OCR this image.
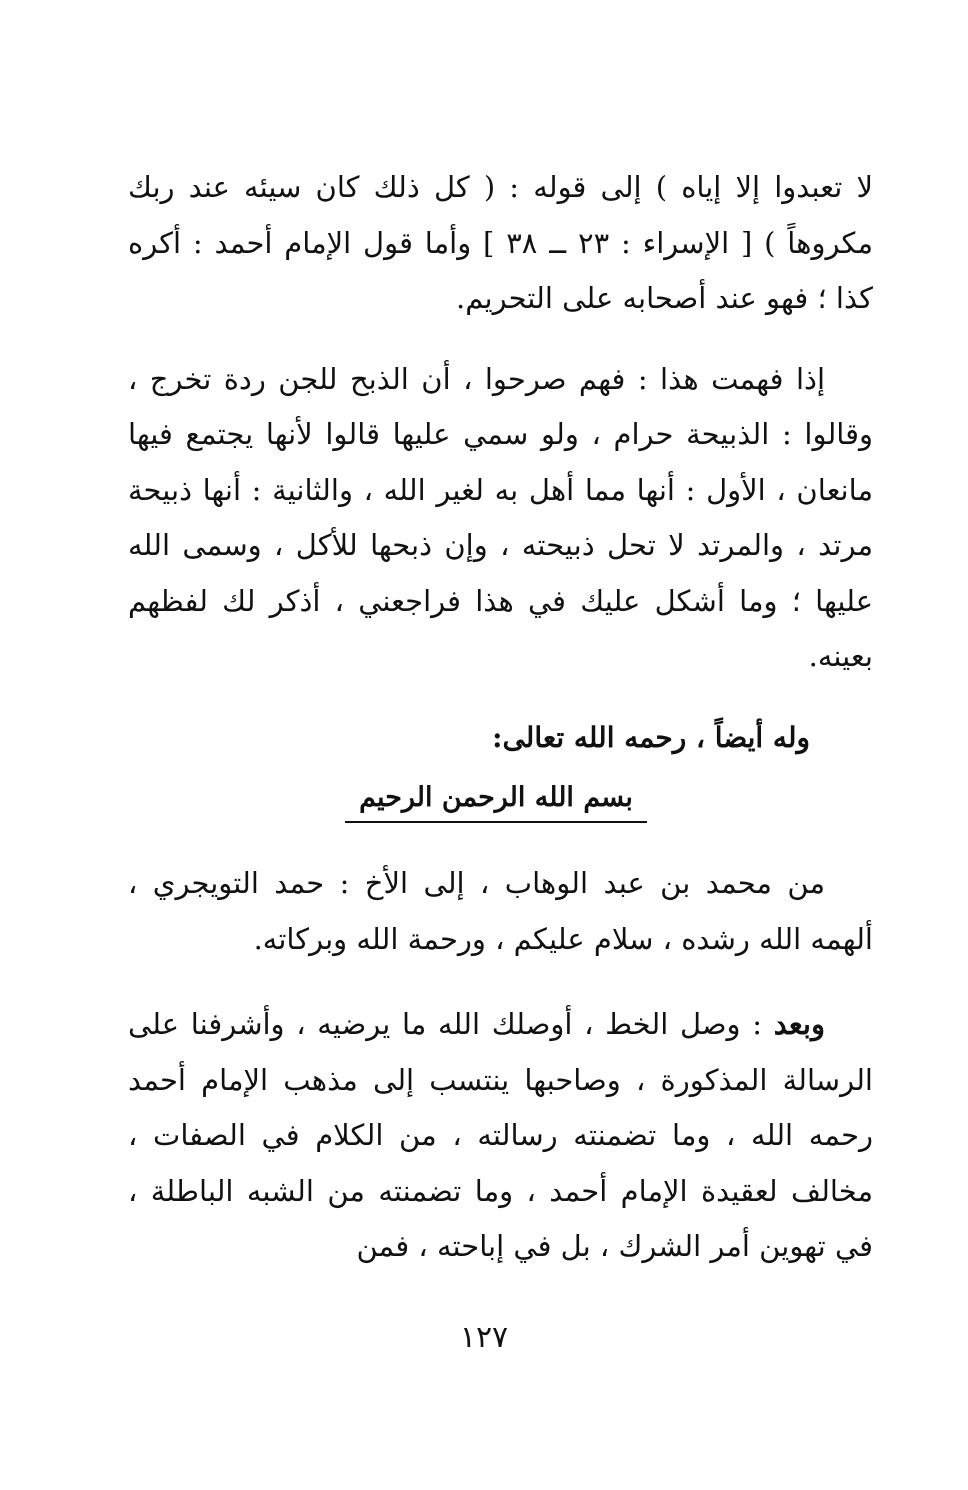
لا تعبدوا إلا إياه ) إلى قوله : ( كل ذلك كان سيئه عند ربك مكروهاً ) [ الإسراء : ٢٣ ــ ٣٨ ] وأما قول الإمام أحمد : أكره كذا ؛ فهو عند أصحابه على التحريم.

إذا فهمت هذا : فهم صرحوا ، أن الذبح للجن ردة تخرج ، وقالوا : الذبيحة حرام ، ولو سمي عليها قالوا لأنها يجتمع فيها مانعان ، الأول : أنها مما أهل به لغير الله ، والثانية : أنها ذبيحة مرتد ، والمرتد لا تحل ذبيحته ، وإن ذبحها للأكل ، وسمى الله عليها ؛ وما أشكل عليك في هذا فراجعني ، أذكر لك لفظهم بعينه.

وله أيضاً ، رحمه الله تعالى:
بسم الله الرحمن الرحيم

من محمد بن عبد الوهاب ، إلى الأخ : حمد التويجري ، ألهمه الله رشده ، سلام عليكم ، ورحمة الله وبركاته.

وبعد : وصل الخط ، أوصلك الله ما يرضيه ، وأشرفنا على الرسالة المذكورة ، وصاحبها ينتسب إلى مذهب الإمام أحمد رحمه الله ، وما تضمنته رسالته ، من الكلام في الصفات ، مخالف لعقيدة الإمام أحمد ، وما تضمنته من الشبه الباطلة ، في تهوين أمر الشرك ، بل في إباحته ، فمن

١٢٧
